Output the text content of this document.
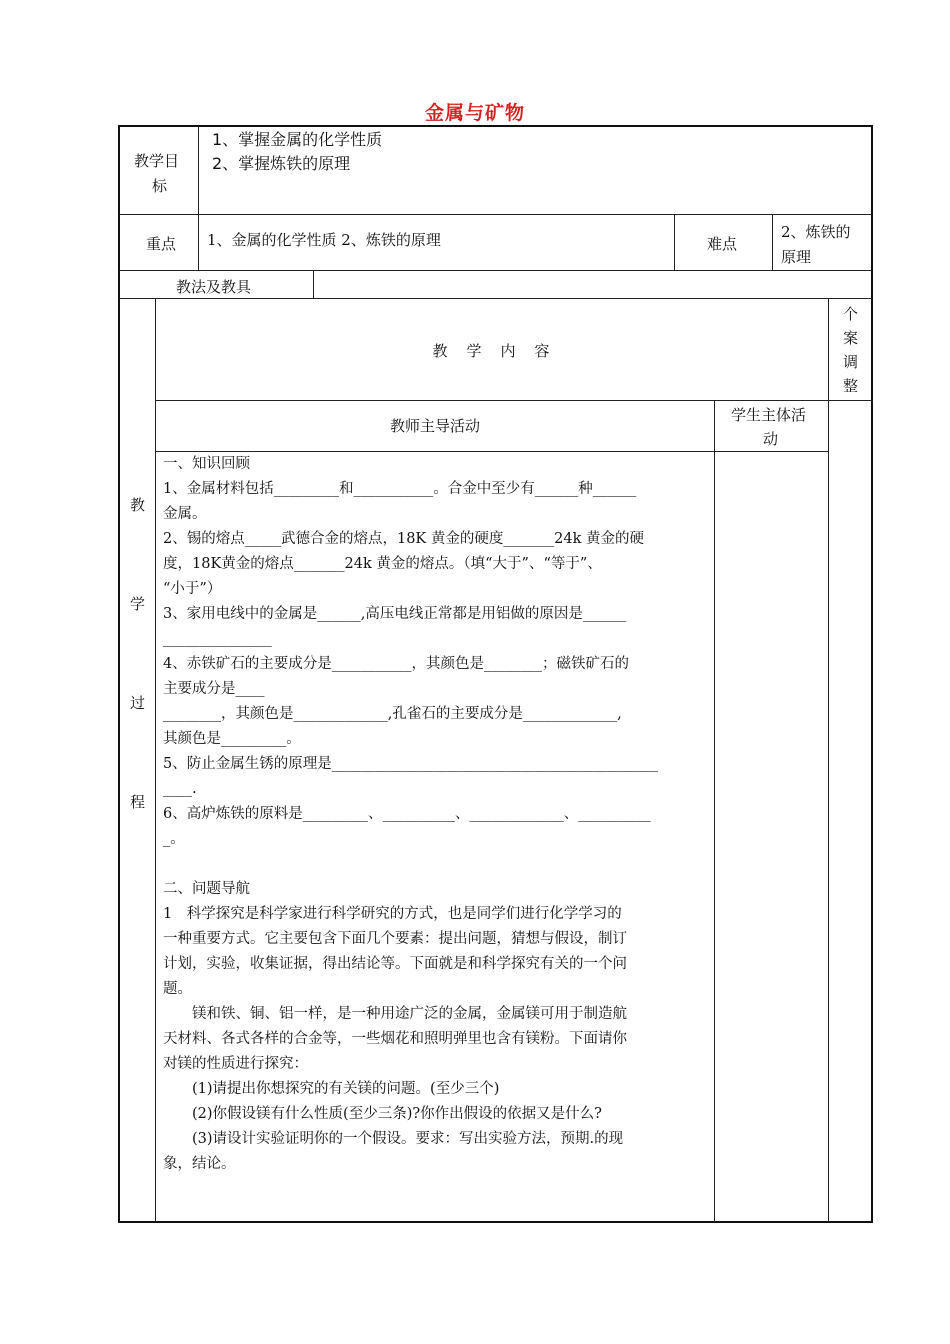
金属与矿物
教学目
标
1、掌握金属的化学性质
2、掌握炼铁的原理
重点 1、金属的化学性质 2、炼铁的原理	难点
2、炼铁的
原理
教法及教具
教
学
过
程
教　学　内　容
个
案
调
整
教师主导活动
学生主体活
动

一、知识回顾

1、金属材料包括_________和___________。合金中至少有______种______

金属。

2、锡的熔点_____武德合金的熔点，18K 黄金的硬度_______24k 黄金的硬

度，18K黄金的熔点_______24k 黄金的熔点。（填“大于”、“等于”、

“小于”）

3、家用电线中的金属是______,高压电线正常都是用铝做的原因是______

_______________

4、赤铁矿石的主要成分是___________，其颜色是________；磁铁矿石的

主要成分是____

________，其颜色是_____________,孔雀石的主要成分是_____________,

其颜色是_________。

5、防止金属生锈的原理是_____________________________________________

____.

6、高炉炼铁的原料是_________、__________、_____________、__________

_。

二、问题导航

1　科学探究是科学家进行科学研究的方式，也是同学们进行化学学习的

一种重要方式。它主要包含下面几个要素：提出问题，猜想与假设，制订

计划，实验，收集证据，得出结论等。下面就是和科学探究有关的一个问

题。

　　镁和铁、铜、铝一样，是一种用途广泛的金属，金属镁可用于制造航

天材料、各式各样的合金等，一些烟花和照明弹里也含有镁粉。下面请你

对镁的性质进行探究：

　　(1)请提出你想探究的有关镁的问题。(至少三个)

　　(2)你假设镁有什么性质(至少三条)?你作出假设的依据又是什么?

　　(3)请设计实验证明你的一个假设。要求：写出实验方法，预期.的现

象，结论。
